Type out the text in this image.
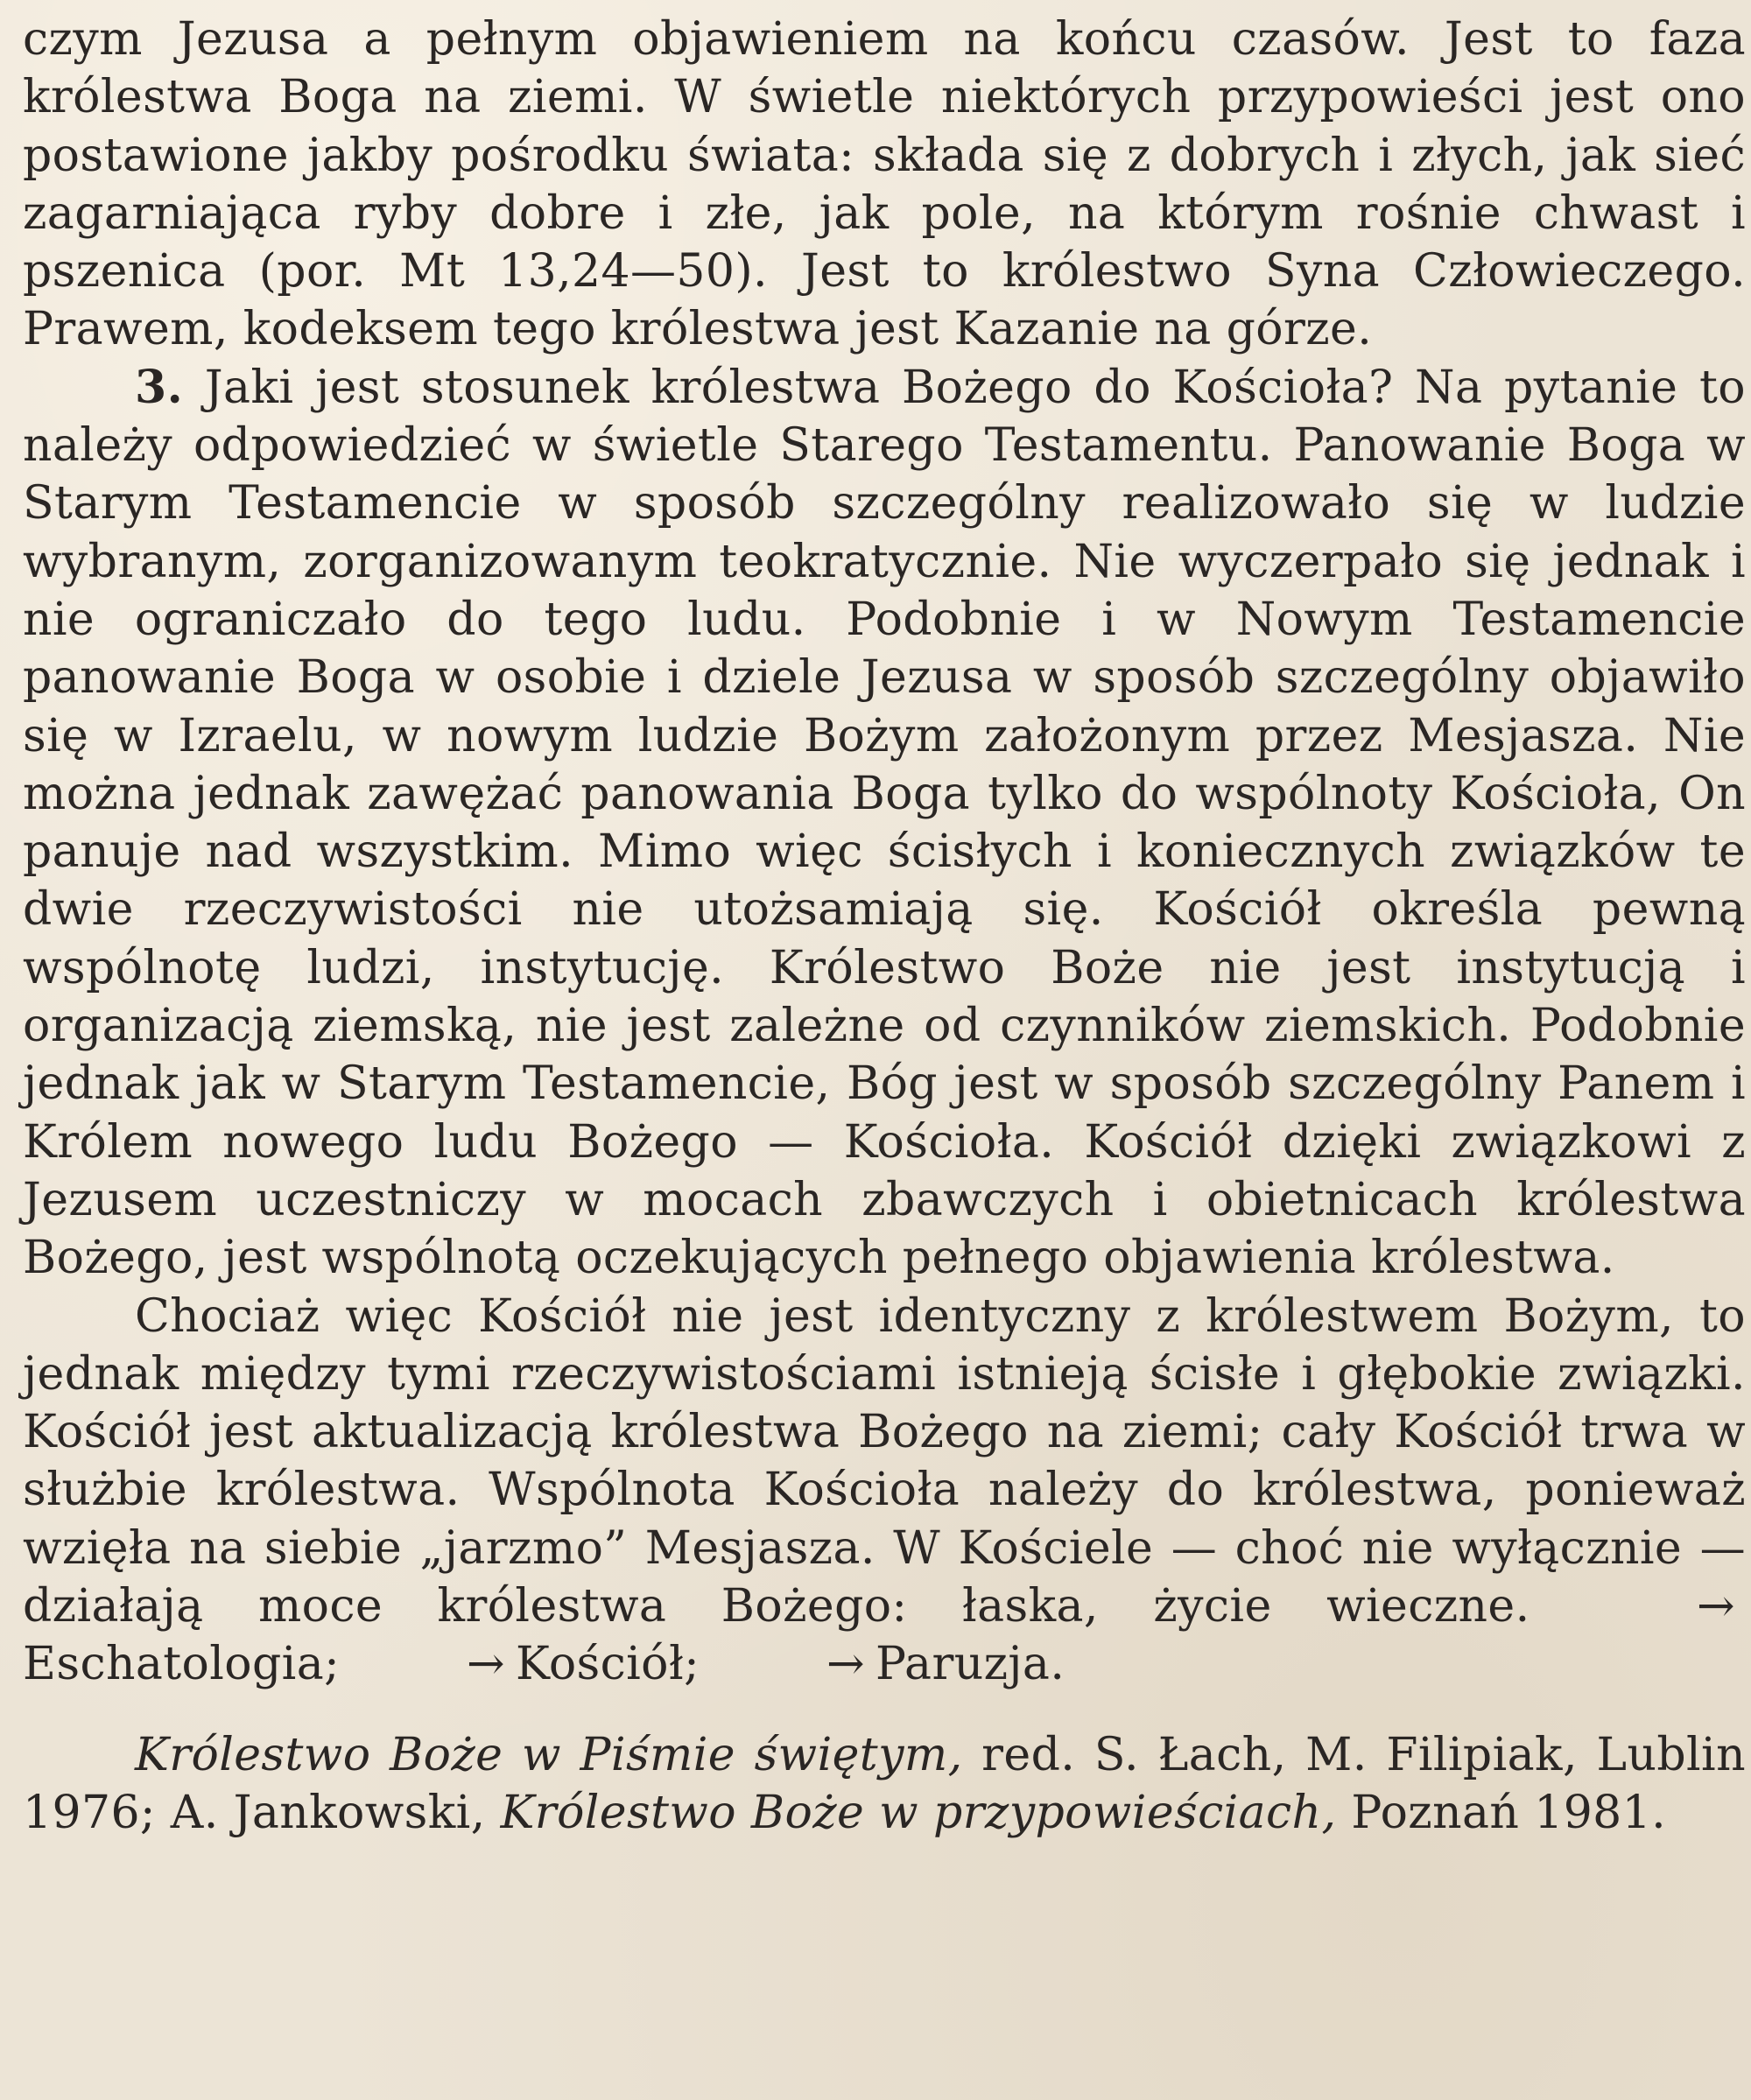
czym Jezusa a pełnym objawieniem na końcu czasów. Jest to faza królestwa Boga na ziemi. W świetle niektórych przypowieści jest ono postawione jakby pośrodku świata: składa się z dobrych i złych, jak sieć zagarniająca ryby dobre i złe, jak pole, na którym rośnie chwast i pszenica (por. Mt 13,24—50). Jest to królestwo Syna Człowieczego. Prawem, kodeksem tego królestwa jest Kazanie na górze.

3. Jaki jest stosunek królestwa Bożego do Kościoła? Na pytanie to należy odpowiedzieć w świetle Starego Testamentu. Panowanie Boga w Starym Testamencie w sposób szczególny realizowało się w ludzie wybranym, zorganizowanym teokratycznie. Nie wyczerpało się jednak i nie ograniczało do tego ludu. Podobnie i w Nowym Testamencie panowanie Boga w osobie i dziele Jezusa w sposób szczególny objawiło się w Izraelu, w nowym ludzie Bożym założonym przez Mesjasza. Nie można jednak zawężać panowania Boga tylko do wspólnoty Kościoła, On panuje nad wszystkim. Mimo więc ścisłych i koniecznych związków te dwie rzeczywistości nie utożsamiają się. Kościół określa pewną wspólnotę ludzi, instytucję. Królestwo Boże nie jest instytucją i organizacją ziemską, nie jest zależne od czynników ziemskich. Podobnie jednak jak w Starym Testamencie, Bóg jest w sposób szczególny Panem i Królem nowego ludu Bożego — Kościoła. Kościół dzięki związkowi z Jezusem uczestniczy w mocach zbawczych i obietnicach królestwa Bożego, jest wspólnotą oczekujących pełnego objawienia królestwa.

Chociaż więc Kościół nie jest identyczny z królestwem Bożym, to jednak między tymi rzeczywistościami istnieją ścisłe i głębokie związki. Kościół jest aktualizacją królestwa Bożego na ziemi; cały Kościół trwa w służbie królestwa. Wspólnota Kościoła należy do królestwa, ponieważ wzięła na siebie „jarzmo” Mesjasza. W Kościele — choć nie wyłącznie — działają moce królestwa Bożego: łaska, życie wieczne.	→Eschatologia;	→ Kościół;	→ Paruzja.

Królestwo Boże w Piśmie świętym, red. S. Łach, M. Filipiak, Lublin 1976; A. Jankowski, Królestwo Boże w przypowieściach, Poznań 1981.
